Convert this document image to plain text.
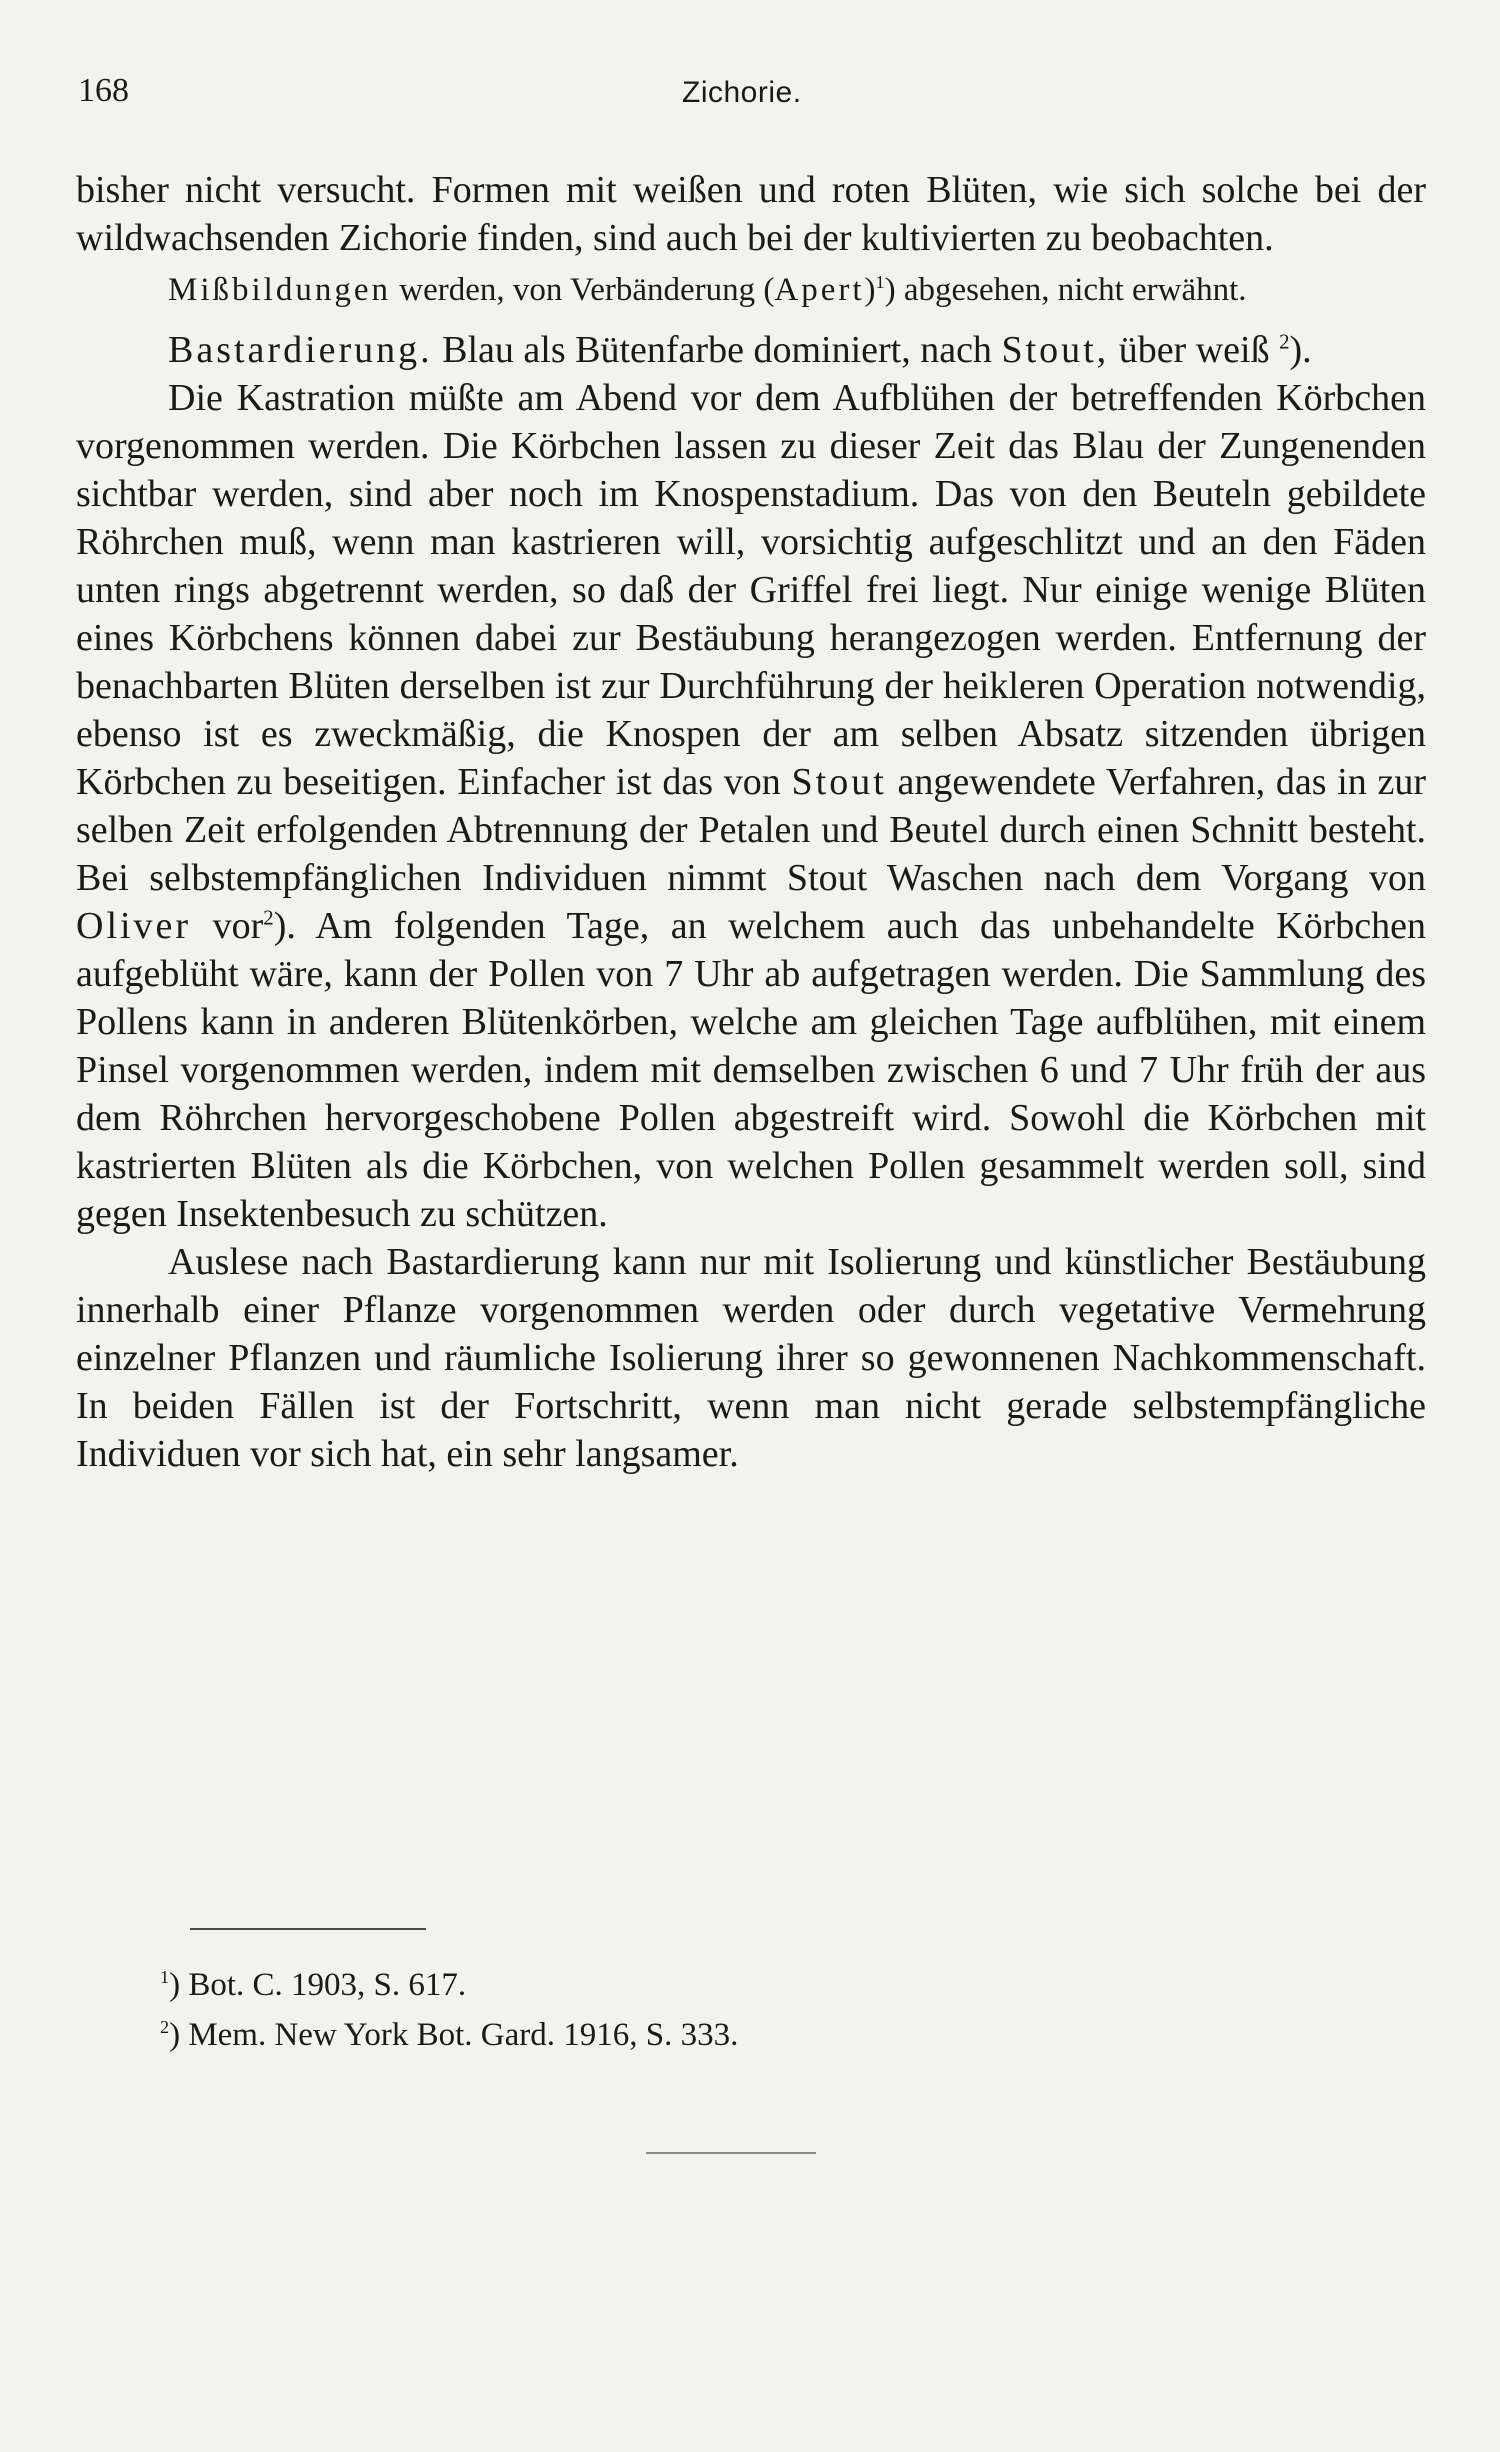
168	Zichorie.

bisher nicht versucht. Formen mit weißen und roten Blüten, wie sich solche bei der wildwachsenden Zichorie finden, sind auch bei der kultivierten zu beobachten.

Mißbildungen werden, von Verbänderung (Apert)$^1$) abgesehen, nicht erwähnt.

Bastardierung. Blau als Bütenfarbe dominiert, nach Stout, über weiß $^2$).

Die Kastration müßte am Abend vor dem Aufblühen der betreffenden Körbchen vorgenommen werden. Die Körbchen lassen zu dieser Zeit das Blau der Zungenenden sichtbar werden, sind aber noch im Knospenstadium. Das von den Beuteln gebildete Röhrchen muß, wenn man kastrieren will, vorsichtig aufgeschlitzt und an den Fäden unten rings abgetrennt werden, so daß der Griffel frei liegt. Nur einige wenige Blüten eines Körbchens können dabei zur Bestäubung herangezogen werden. Entfernung der benachbarten Blüten derselben ist zur Durchführung der heikleren Operation notwendig, ebenso ist es zweckmäßig, die Knospen der am selben Absatz sitzenden übrigen Körbchen zu beseitigen. Einfacher ist das von Stout angewendete Verfahren, das in zur selben Zeit erfolgenden Abtrennung der Petalen und Beutel durch einen Schnitt besteht. Bei selbstempfänglichen Individuen nimmt Stout Waschen nach dem Vorgang von Oliver vor$^2$). Am folgenden Tage, an welchem auch das unbehandelte Körbchen aufgeblüht wäre, kann der Pollen von 7 Uhr ab aufgetragen werden. Die Sammlung des Pollens kann in anderen Blütenkörben, welche am gleichen Tage aufblühen, mit einem Pinsel vorgenommen werden, indem mit demselben zwischen 6 und 7 Uhr früh der aus dem Röhrchen hervorgeschobene Pollen abgestreift wird. Sowohl die Körbchen mit kastrierten Blüten als die Körbchen, von welchen Pollen gesammelt werden soll, sind gegen Insektenbesuch zu schützen.

Auslese nach Bastardierung kann nur mit Isolierung und künstlicher Bestäubung innerhalb einer Pflanze vorgenommen werden oder durch vegetative Vermehrung einzelner Pflanzen und räumliche Isolierung ihrer so gewonnenen Nachkommenschaft. In beiden Fällen ist der Fortschritt, wenn man nicht gerade selbstempfängliche Individuen vor sich hat, ein sehr langsamer.

$^1$) Bot. C. 1903, S. 617.
$^2$) Mem. New York Bot. Gard. 1916, S. 333.
